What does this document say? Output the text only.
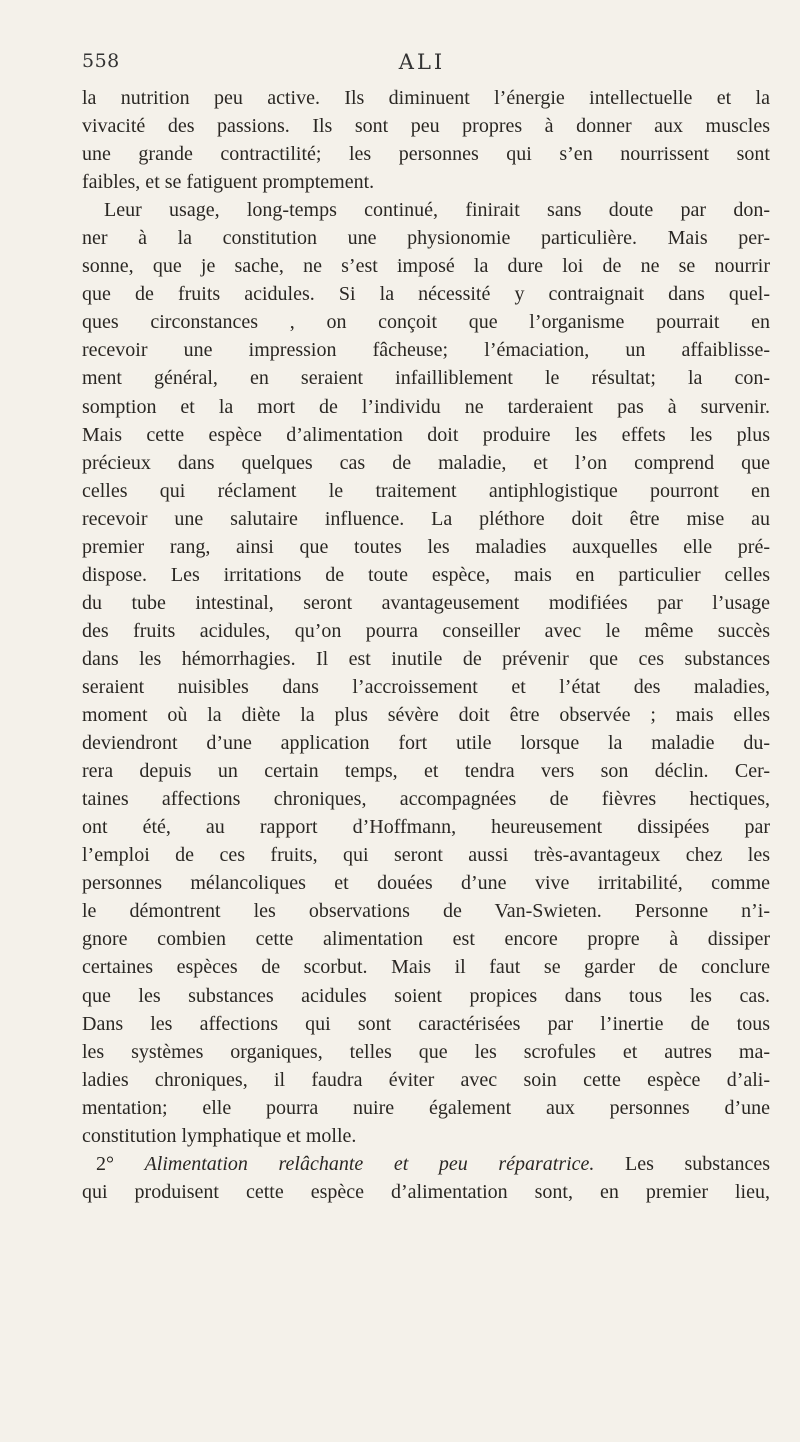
558	ALI
la nutrition peu active. Ils diminuent l’énergie intellectuelle et la
vivacité des passions. Ils sont peu propres à donner aux muscles
une grande contractilité; les personnes qui s’en nourrissent sont
faibles, et se fatiguent promptement.
Leur usage, long-temps continué, finirait sans doute par don-
ner à la constitution une physionomie particulière. Mais per-
sonne, que je sache, ne s’est imposé la dure loi de ne se nourrir
que de fruits acidules. Si la nécessité y contraignait dans quel-
ques circonstances , on conçoit que l’organisme pourrait en
recevoir une impression fâcheuse; l’émaciation, un affaiblisse-
ment général, en seraient infailliblement le résultat; la con-
somption et la mort de l’individu ne tarderaient pas à survenir.
Mais cette espèce d’alimentation doit produire les effets les plus
précieux dans quelques cas de maladie, et l’on comprend que
celles qui réclament le traitement antiphlogistique pourront en
recevoir une salutaire influence. La pléthore doit être mise au
premier rang, ainsi que toutes les maladies auxquelles elle pré-
dispose. Les irritations de toute espèce, mais en particulier celles
du tube intestinal, seront avantageusement modifiées par l’usage
des fruits acidules, qu’on pourra conseiller avec le même succès
dans les hémorrhagies. Il est inutile de prévenir que ces substances
seraient nuisibles dans l’accroissement et l’état des maladies,
moment où la diète la plus sévère doit être observée ; mais elles
deviendront d’une application fort utile lorsque la maladie du-
rera depuis un certain temps, et tendra vers son déclin. Cer-
taines affections chroniques, accompagnées de fièvres hectiques,
ont été, au rapport d’Hoffmann, heureusement dissipées par
l’emploi de ces fruits, qui seront aussi très-avantageux chez les
personnes mélancoliques et douées d’une vive irritabilité, comme
le démontrent les observations de Van-Swieten. Personne n’i-
gnore combien cette alimentation est encore propre à dissiper
certaines espèces de scorbut. Mais il faut se garder de conclure
que les substances acidules soient propices dans tous les cas.
Dans les affections qui sont caractérisées par l’inertie de tous
les systèmes organiques, telles que les scrofules et autres ma-
ladies chroniques, il faudra éviter avec soin cette espèce d’ali-
mentation; elle pourra nuire également aux personnes d’une
constitution lymphatique et molle.
2° Alimentation relâchante et peu réparatrice. Les substances
qui produisent cette espèce d’alimentation sont, en premier lieu,
